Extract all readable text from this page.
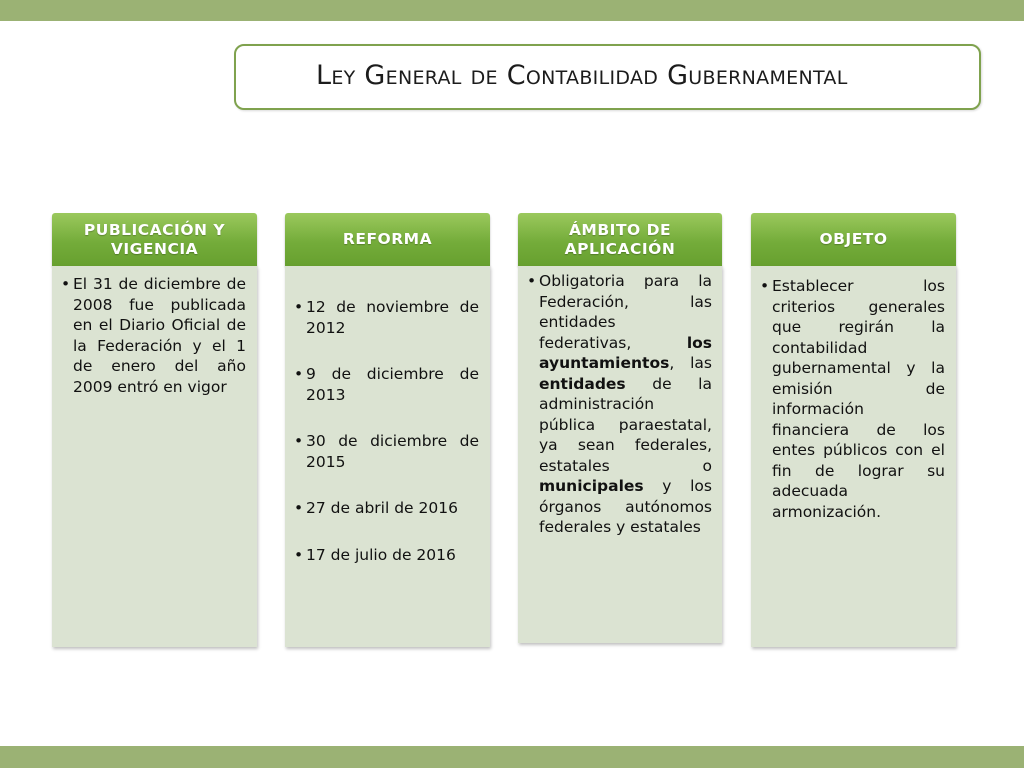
Ley General de Contabilidad Gubernamental
PUBLICACIÓN Y VIGENCIA
• El 31 de diciembre de 2008 fue publicada en el Diario Oficial de la Federación y el 1 de enero del año 2009 entró en vigor
REFORMA
• 12 de noviembre de 2012
• 9 de diciembre de 2013
• 30 de diciembre de 2015
• 27 de abril de 2016
• 17 de julio de 2016
ÁMBITO DE APLICACIÓN
• Obligatoria para la Federación, las entidades federativas, los ayuntamientos, las entidades de la administración pública paraestatal, ya sean federales, estatales o municipales y los órganos autónomos federales y estatales
OBJETO
• Establecer los criterios generales que regirán la contabilidad gubernamental y la emisión de información financiera de los entes públicos con el fin de lograr su adecuada armonización.
